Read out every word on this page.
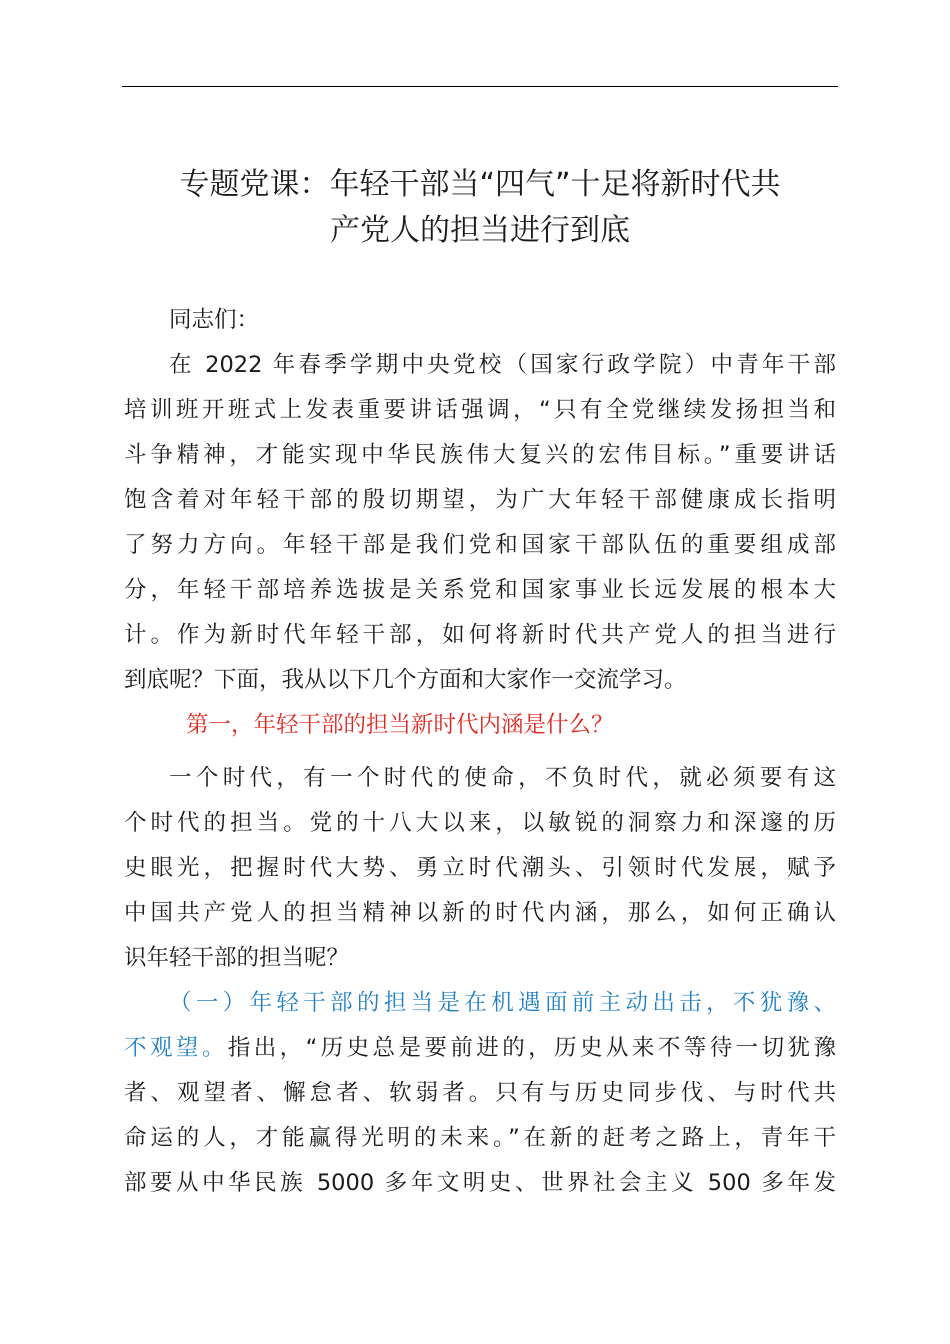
专题党课：年轻干部当“四气”十足将新时代共
产党人的担当进行到底
同志们：
在 2022 年春季学期中央党校（国家行政学院）中青年干部
培训班开班式上发表重要讲话强调，“只有全党继续发扬担当和
斗争精神，才能实现中华民族伟大复兴的宏伟目标。”重要讲话
饱含着对年轻干部的殷切期望，为广大年轻干部健康成长指明
了努力方向。年轻干部是我们党和国家干部队伍的重要组成部
分，年轻干部培养选拔是关系党和国家事业长远发展的根本大
计。作为新时代年轻干部，如何将新时代共产党人的担当进行
到底呢？下面，我从以下几个方面和大家作一交流学习。
第一，年轻干部的担当新时代内涵是什么？
一个时代，有一个时代的使命，不负时代，就必须要有这
个时代的担当。党的十八大以来，以敏锐的洞察力和深邃的历
史眼光，把握时代大势、勇立时代潮头、引领时代发展，赋予
中国共产党人的担当精神以新的时代内涵，那么，如何正确认
识年轻干部的担当呢？
（一）年轻干部的担当是在机遇面前主动出击，不犹豫、
不观望。指出，“历史总是要前进的，历史从来不等待一切犹豫
者、观望者、懈怠者、软弱者。只有与历史同步伐、与时代共
命运的人，才能赢得光明的未来。”在新的赶考之路上，青年干
部要从中华民族 5000 多年文明史、世界社会主义 500 多年发
